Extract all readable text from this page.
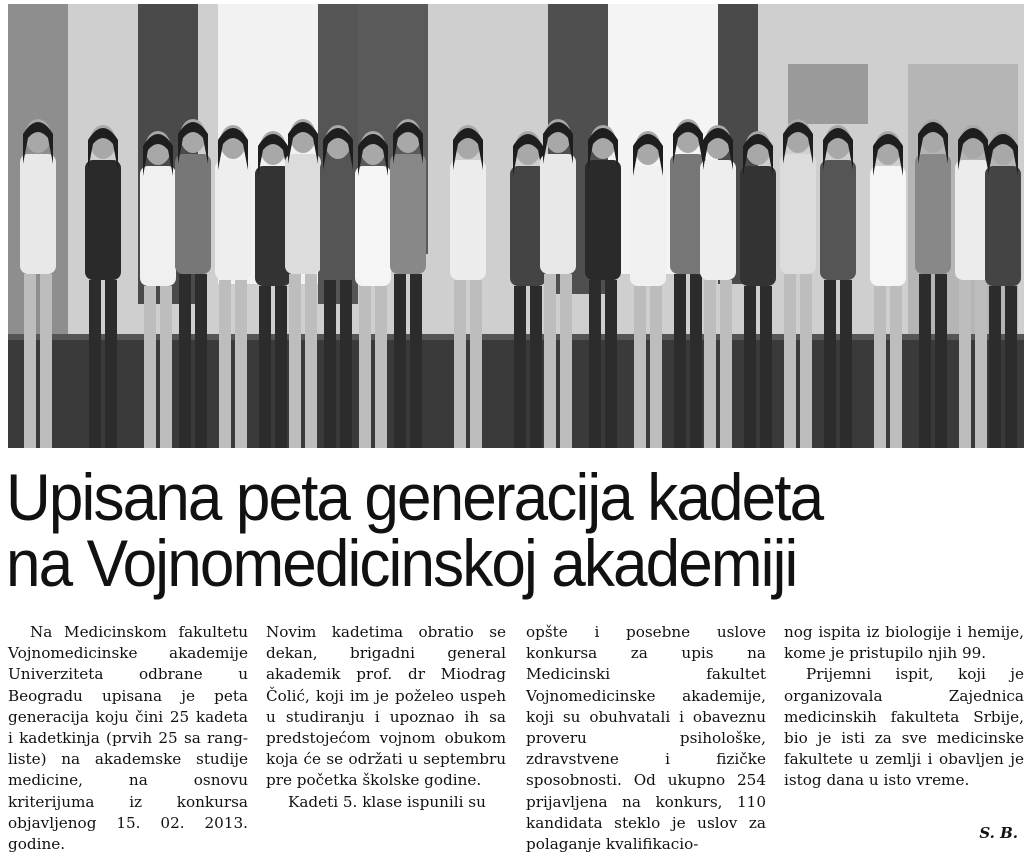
Upisana peta generacija kadeta
na Vojnomedicinskoj akademiji

Na Medicinskom fakultetu Vojnomedicinske akademije Univerziteta odbrane u Beogradu upisana je peta generacija koju čini 25 kadeta i kadetkinja (prvih 25 sa rang- liste) na akademske studije medicine, na osnovu kriterijuma iz konkursa objavljenog 15. 02. 2013. godine.

Novim kadetima obratio se dekan, brigadni general akademik prof. dr Miodrag Čolić, koji im je poželeo uspeh u studiranju i upoznao ih sa predstojećom vojnom obukom koja će se održati u septembru pre početka školske godine.

Kadeti 5. klase ispunili su

opšte i posebne uslove konkursa za upis na Medicinski fakultet Vojnomedicinske akademije, koji su obuhvatali i obaveznu proveru psihološke, zdravstvene i fizičke sposobnosti. Od ukupno 254 prijavljena na konkurs, 110 kandidata steklo je uslov za polaganje kvalifikacio-

nog ispita iz biologije i hemije, kome je pristupilo njih 99.

Prijemni ispit, koji je organizovala Zajednica medicinskih fakulteta Srbije, bio je isti za sve medicinske fakultete u zemlji i obavljen je istog dana u isto vreme.

S. B.
